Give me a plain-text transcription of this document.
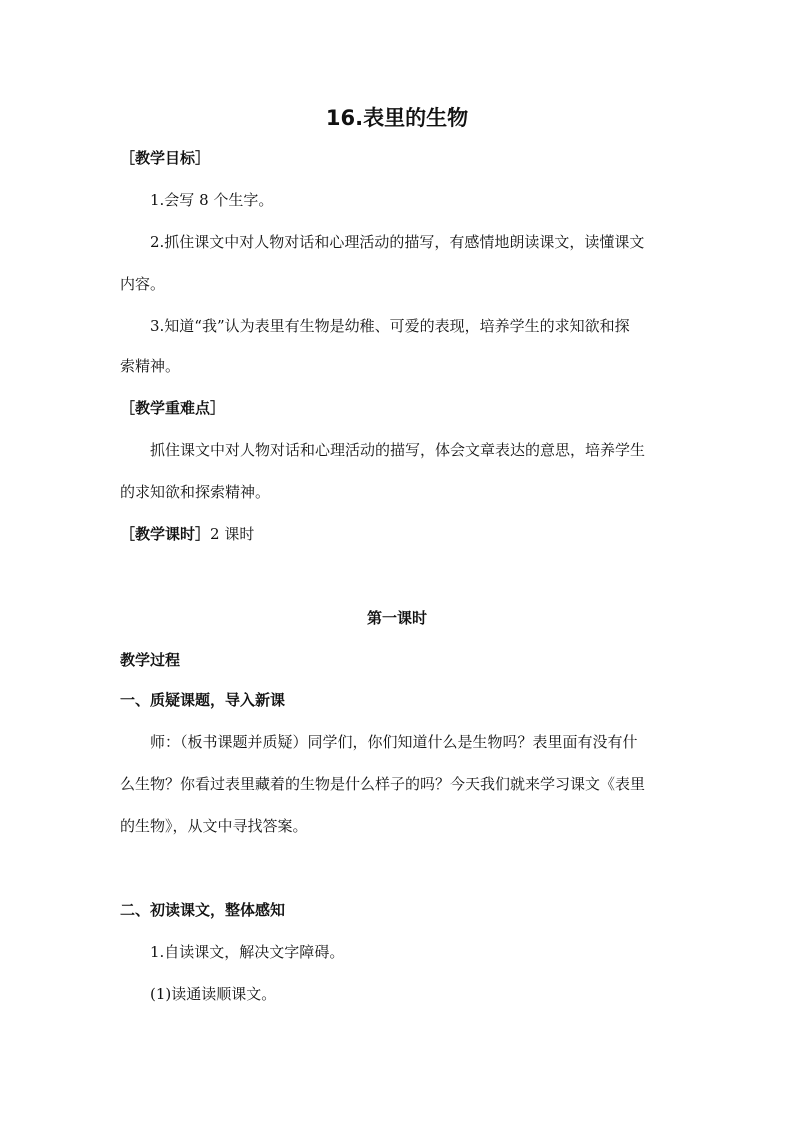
16.表里的生物
［教学目标］
1.会写 8 个生字。
2.抓住课文中对人物对话和心理活动的描写，有感情地朗读课文，读懂课文
内容。
3.知道“我”认为表里有生物是幼稚、可爱的表现，培养学生的求知欲和探
索精神。
［教学重难点］
抓住课文中对人物对话和心理活动的描写，体会文章表达的意思，培养学生
的求知欲和探索精神。
［教学课时］2 课时
第一课时
教学过程
一、质疑课题，导入新课
师：（板书课题并质疑）同学们，你们知道什么是生物吗？表里面有没有什
么生物？你看过表里藏着的生物是什么样子的吗？今天我们就来学习课文《表里
的生物》，从文中寻找答案。
二、初读课文，整体感知
1.自读课文，解决文字障碍。
(1)读通读顺课文。
